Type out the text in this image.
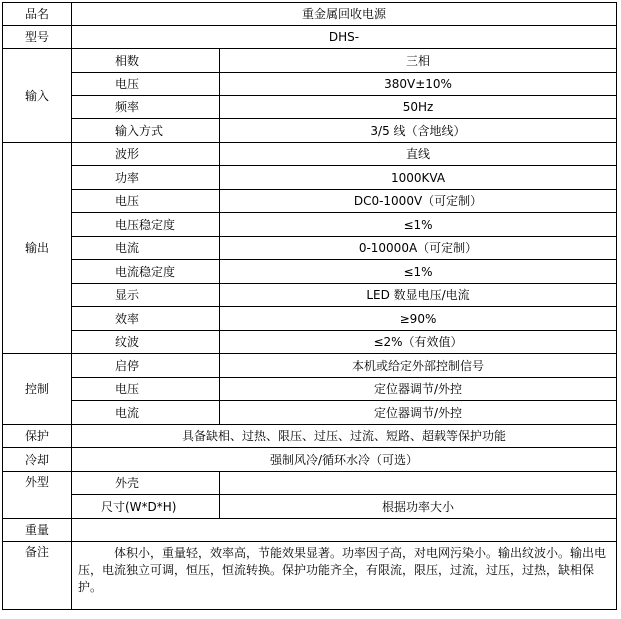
品名	重金属回收电源	
型号	DHS-	
输入	相数	三相
	电压	380V±10%
	频率	50Hz
	输入方式	3/5 线（含地线）
输出	波形	直线
	功率	1000KVA
	电压	DC0-1000V（可定制）
	电压稳定度	≤1%
	电流	0-10000A（可定制）
	电流稳定度	≤1%
	显示	LED 数显电压/电流
	效率	≥90%
	纹波	≤2%（有效值）
控制	启停	本机或给定外部控制信号
	电压	定位器调节/外控
	电流	定位器调节/外控
保护	具备缺相、过热、限压、过压、过流、短路、超载等保护功能	
冷却	强制风冷/循环水冷（可选）	
外型	外壳	
	尺寸(W*D*H)	根据功率大小
重量		
备注	体积小，重量轻，效率高，节能效果显著。功率因子高，对电网污染小。输出纹波小。输出电压，电流独立可调，恒压，恒流转换。保护功能齐全，有限流，限压，过流，过压，过热，缺相保护。	
